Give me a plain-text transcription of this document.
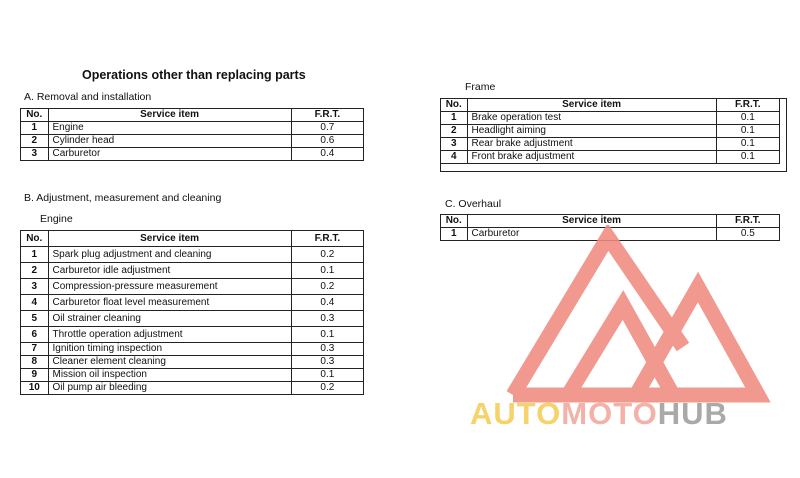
Operations other than replacing parts
A. Removal and installation
No.	Service item	F.R.T.
1	Engine	0.7
2	Cylinder head	0.6
3	Carburetor	0.4
B. Adjustment, measurement and cleaning
Engine
No.	Service item	F.R.T.
1	Spark plug adjustment and cleaning	0.2
2	Carburetor idle adjustment	0.1
3	Compression-pressure measurement	0.2
4	Carburetor float level measurement	0.4
5	Oil strainer cleaning	0.3
6	Throttle operation adjustment	0.1
7	Ignition timing inspection	0.3
8	Cleaner element cleaning	0.3
9	Mission oil inspection	0.1
10	Oil pump air bleeding	0.2
Frame
No.	Service item	F.R.T.
1	Brake operation test	0.1
2	Headlight aiming	0.1
3	Rear brake adjustment	0.1
4	Front brake adjustment	0.1
C. Overhaul
No.	Service item	F.R.T.
1	Carburetor	0.5
AUTOMOTOHUB
